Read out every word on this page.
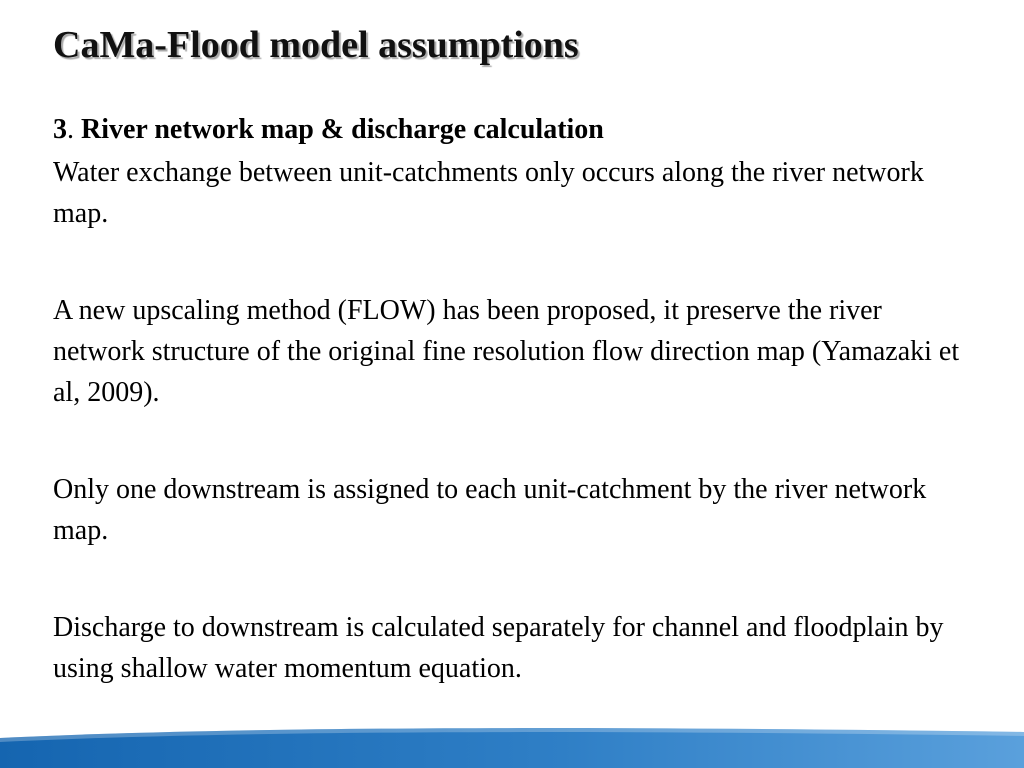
CaMa-Flood model assumptions

3. River network map & discharge calculation

Water exchange between unit-catchments only occurs along the river network map.

A new upscaling method (FLOW) has been proposed, it preserve the river network structure of the original fine resolution flow direction map (Yamazaki et al, 2009).

Only one downstream is assigned to each unit-catchment by the river network map.

Discharge to downstream is calculated separately for channel and floodplain by using shallow water momentum equation.
